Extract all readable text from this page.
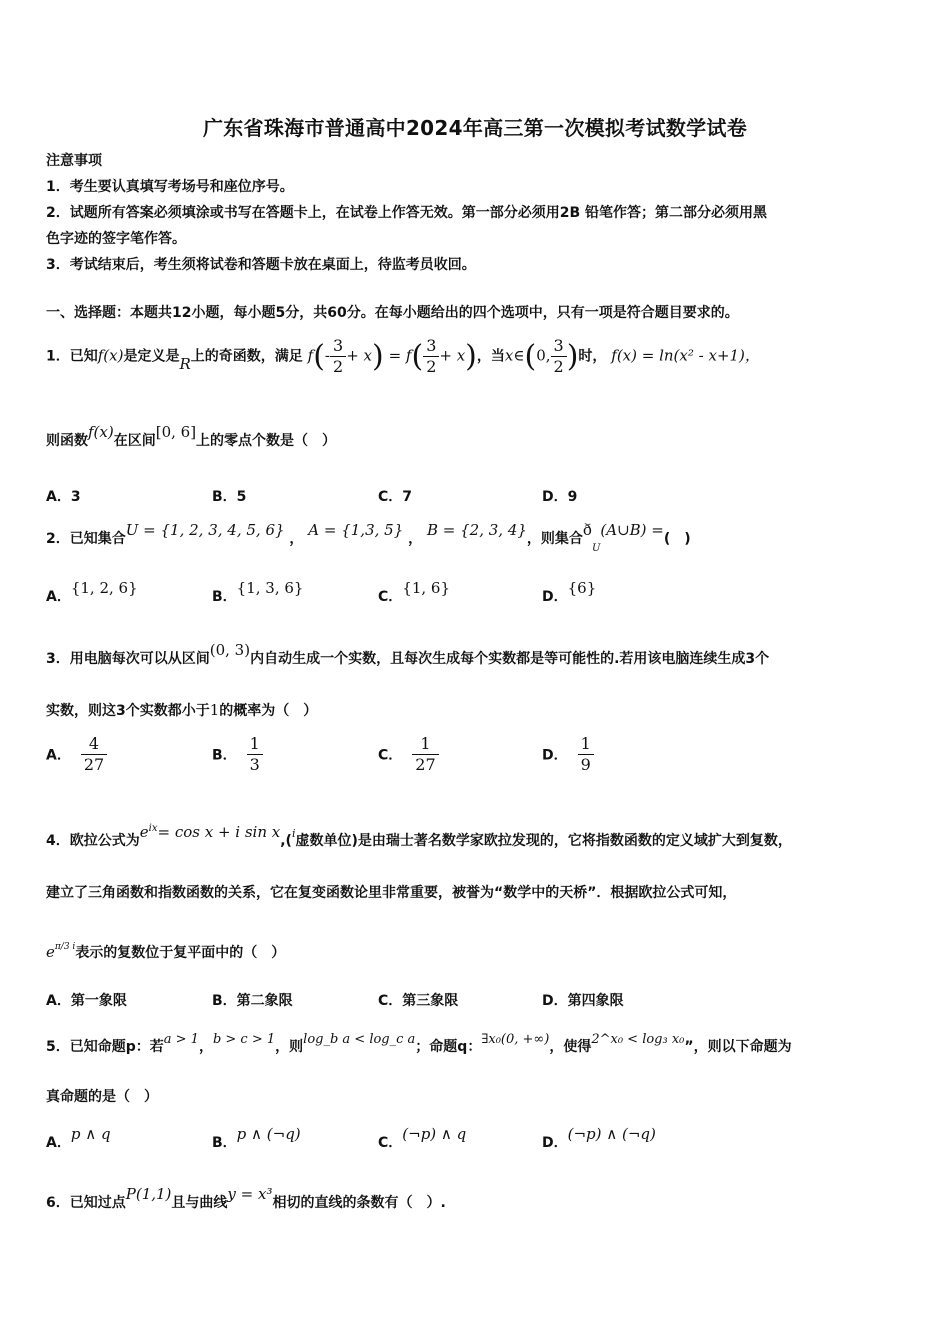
广东省珠海市普通高中2024年高三第一次模拟考试数学试卷
注意事项
1．考生要认真填写考场号和座位序号。
2．试题所有答案必须填涂或书写在答题卡上，在试卷上作答无效。第一部分必须用2B 铅笔作答；第二部分必须用黑
色字迹的签字笔作答。
3．考试结束后，考生须将试卷和答题卡放在桌面上，待监考员收回。
一、选择题：本题共12小题，每小题5分，共60分。在每小题给出的四个选项中，只有一项是符合题目要求的。
1．已知f(x)是定义是R上的奇函数，满足 $f(- \frac{3}{2} + x) = f( \frac{3}{2} + x)$，当x∈(0, $\frac{3}{2}$ )时， f(x) = ln(x² - x+1)，
则函数f(x)在区间[0, 6]上的零点个数是（　）
A．3	B．5	C．7	D．9
2．已知集合U = {1, 2, 3, 4, 5, 6} ， A = {1,3, 5} ， B = {2, 3, 4}，则集合$ð_U(A\cup B)$ =(　)
A．{1, 2, 6}	B．{1, 3, 6}	C．{1, 6}	D．{6}
3．用电脑每次可以从区间(0, 3)内自动生成一个实数，且每次生成每个实数都是等可能性的.若用该电脑连续生成3个
实数，则这3个实数都小于1的概率为（　）
A． $\frac{4}{27}$	B． $\frac{1}{3}$	C． $\frac{1}{27}$	D． $\frac{1}{9}$
4．欧拉公式为$e^{ix}= \cos x + i$ sin x,($^i$虚数单位)是由瑞士著名数学家欧拉发现的，它将指数函数的定义域扩大到复数，
建立了三角函数和指数函数的关系，它在复变函数论里非常重要，被誉为“数学中的天桥”．根据欧拉公式可知，
$e^{\pi/3 i}$表示的复数位于复平面中的（　）
A．第一象限	B．第二象限	C．第三象限	D．第四象限
5．已知命题p：若a > 1，b > c > 1，则log_b a < log_c a；命题q：∃x₀(0, +∞)，使得2^x₀ < log₃ x₀”，则以下命题为
真命题的是（　）
A．p ∧ q	B．p ∧ (¬q)	C．(¬p) ∧ q	D．(¬p) ∧ (¬q)
6．已知过点P(1,1)且与曲线y = x³相切的直线的条数有（　）.
